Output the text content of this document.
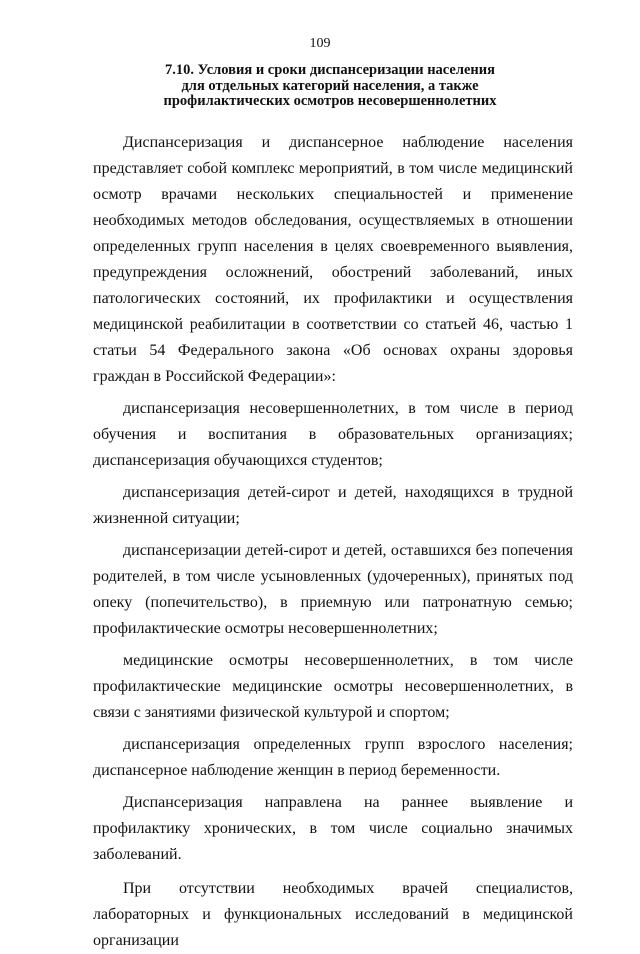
109
7.10. Условия и сроки диспансеризации населения
для отдельных категорий населения, а также
профилактических осмотров несовершеннолетних

Диспансеризация и диспансерное наблюдение населения представляет собой комплекс мероприятий, в том числе медицинский осмотр врачами нескольких специальностей и применение необходимых методов обследования, осуществляемых в отношении определенных групп населения в целях своевременного выявления, предупреждения осложнений, обострений заболеваний, иных патологических состояний, их профилактики и осуществления медицинской реабилитации в соответствии со статьей 46, частью 1 статьи 54 Федерального закона «Об основах охраны здоровья граждан в Российской Федерации»:

диспансеризация несовершеннолетних, в том числе в период обучения и воспитания в образовательных организациях; диспансеризация обучающихся студентов;

диспансеризация детей-сирот и детей, находящихся в трудной жизненной ситуации;

диспансеризации детей-сирот и детей, оставшихся без попечения родителей, в том числе усыновленных (удочеренных), принятых под опеку (попечительство), в приемную или патронатную семью; профилактические осмотры несовершеннолетних;

медицинские осмотры несовершеннолетних, в том числе профилактические медицинские осмотры несовершеннолетних, в связи с занятиями физической культурой и спортом;

диспансеризация определенных групп взрослого населения; диспансерное наблюдение женщин в период беременности.

Диспансеризация направлена на раннее выявление и профилактику хронических, в том числе социально значимых заболеваний.

При отсутствии необходимых врачей специалистов, лабораторных и функциональных исследований в медицинской организации
